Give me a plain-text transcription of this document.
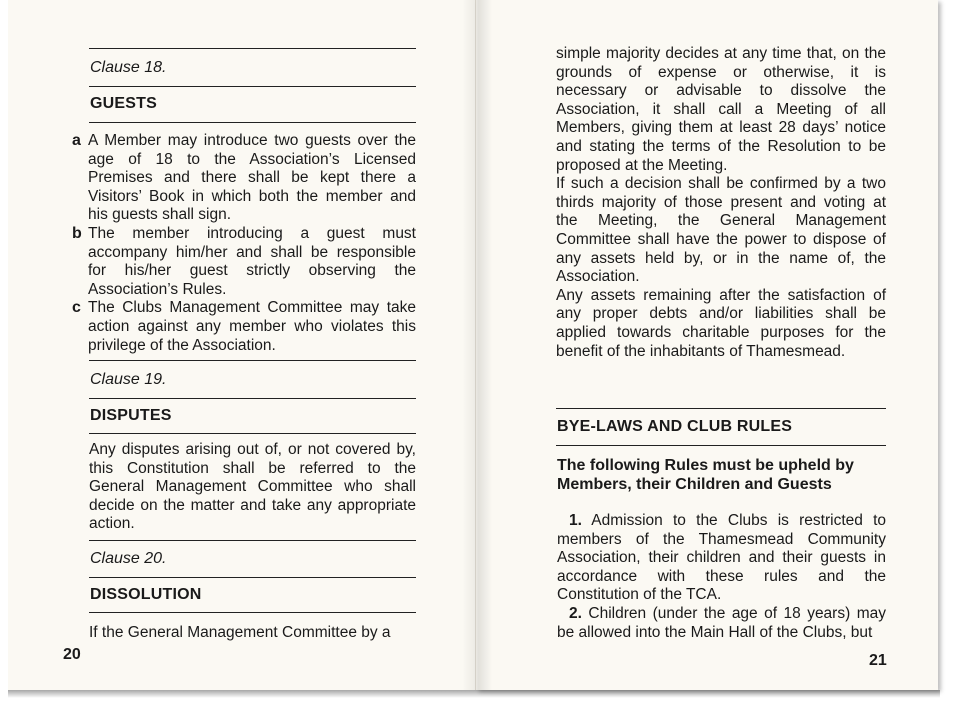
Clause 18.

GUESTS

a A Member may introduce two guests over the age of 18 to the Association’s Licensed Premises and there shall be kept there a Visitors’ Book in which both the member and his guests shall sign.
b The member introducing a guest must accompany him/her and shall be responsible for his/her guest strictly observing the Association’s Rules.
c The Clubs Management Committee may take action against any member who violates this privilege of the Association.

Clause 19.

DISPUTES

Any disputes arising out of, or not covered by, this Constitution shall be referred to the General Management Committee who shall decide on the matter and take any appropriate action.

Clause 20.

DISSOLUTION

If the General Management Committee by a

20

simple majority decides at any time that, on the grounds of expense or otherwise, it is necessary or advisable to dissolve the Association, it shall call a Meeting of all Members, giving them at least 28 days’ notice and stating the terms of the Resolution to be proposed at the Meeting.

If such a decision shall be confirmed by a two thirds majority of those present and voting at the Meeting, the General Management Committee shall have the power to dispose of any assets held by, or in the name of, the Association.

Any assets remaining after the satisfaction of any proper debts and/or liabilities shall be applied towards charitable purposes for the benefit of the inhabitants of Thamesmead.

BYE-LAWS AND CLUB RULES

The following Rules must be upheld by Members, their Children and Guests

1. Admission to the Clubs is restricted to members of the Thamesmead Community Association, their children and their guests in accordance with these rules and the Constitution of the TCA.

2. Children (under the age of 18 years) may be allowed into the Main Hall of the Clubs, but

21
